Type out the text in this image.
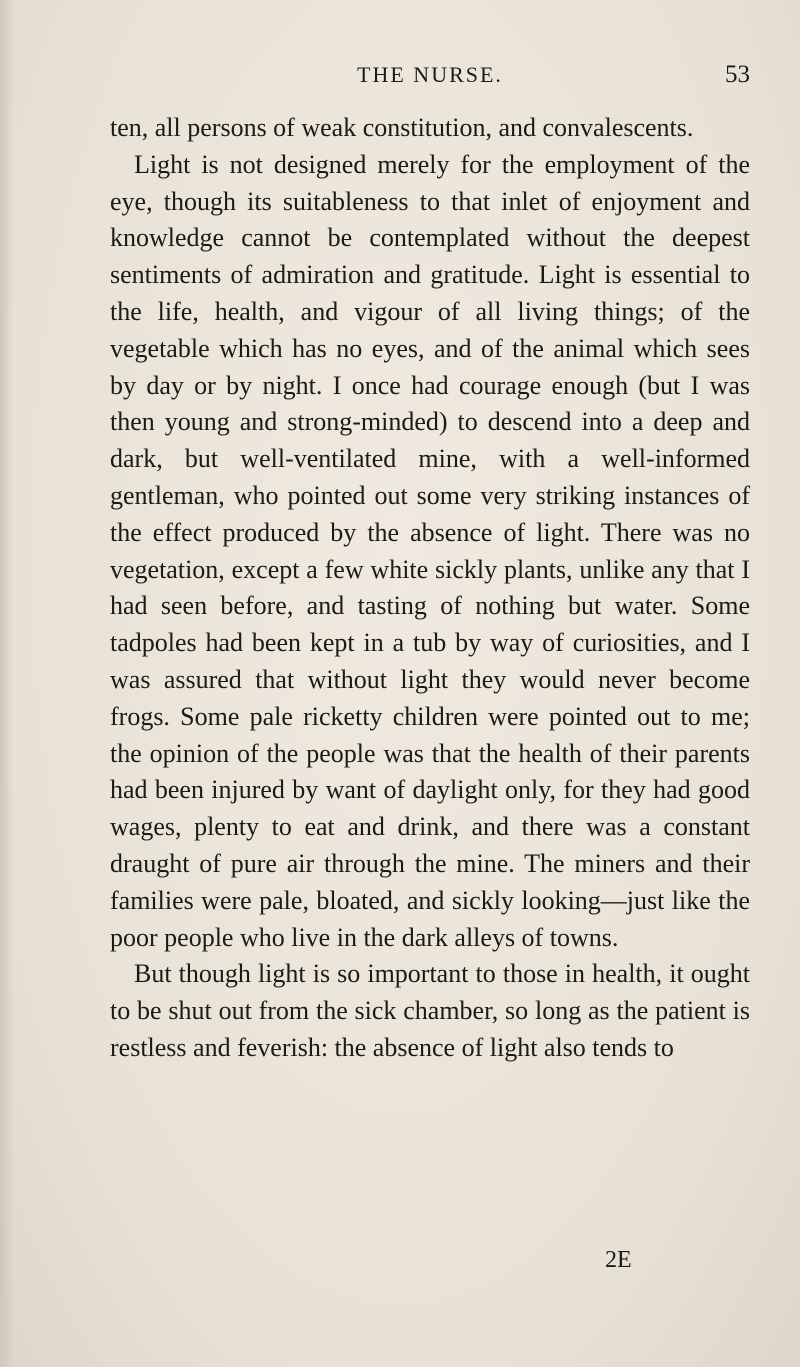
THE NURSE.	53

ten, all persons of weak constitution, and convalescents.

Light is not designed merely for the employment of the eye, though its suitableness to that inlet of enjoyment and knowledge cannot be contemplated without the deepest sentiments of admiration and gratitude. Light is essential to the life, health, and vigour of all living things; of the vegetable which has no eyes, and of the animal which sees by day or by night. I once had courage enough (but I was then young and strong-minded) to descend into a deep and dark, but well-ventilated mine, with a well-informed gentleman, who pointed out some very striking instances of the effect produced by the absence of light. There was no vegetation, except a few white sickly plants, unlike any that I had seen before, and tasting of nothing but water. Some tadpoles had been kept in a tub by way of curiosities, and I was assured that without light they would never become frogs. Some pale ricketty children were pointed out to me; the opinion of the people was that the health of their parents had been injured by want of daylight only, for they had good wages, plenty to eat and drink, and there was a constant draught of pure air through the mine. The miners and their families were pale, bloated, and sickly looking—just like the poor people who live in the dark alleys of towns.

But though light is so important to those in health, it ought to be shut out from the sick chamber, so long as the patient is restless and feverish: the absence of light also tends to

2E
